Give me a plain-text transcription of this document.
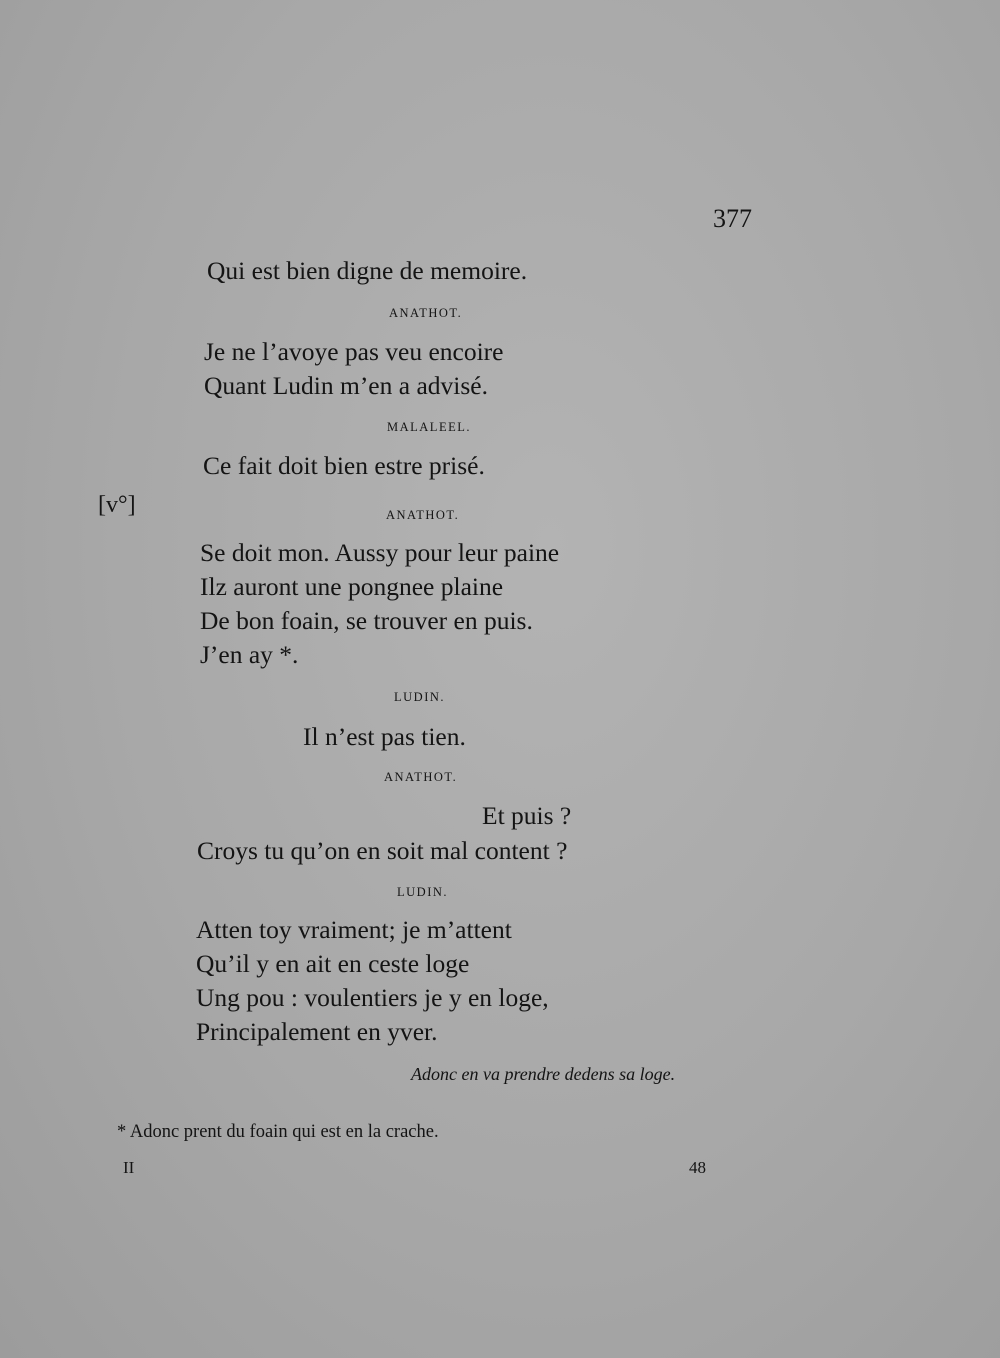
377
[v°]
Qui est bien digne de memoire.
ANATHOT.
Je ne l’avoye pas veu encoire
Quant Ludin m’en a advisé.
MALALEEL.
Ce fait doit bien estre prisé.
ANATHOT.
Se doit mon. Aussy pour leur paine
Ilz auront une pongnee plaine
De bon foain, se trouver en puis.
J’en ay *.
LUDIN.
Il n’est pas tien.
ANATHOT.
Et puis ?
Croys tu qu’on en soit mal content ?
LUDIN.
Atten toy vraiment; je m’attent
Qu’il y en ait en ceste loge
Ung pou : voulentiers je y en loge,
Principalement en yver.
Adonc en va prendre dedens sa loge.
* Adonc prent du foain qui est en la crache.
II	48
